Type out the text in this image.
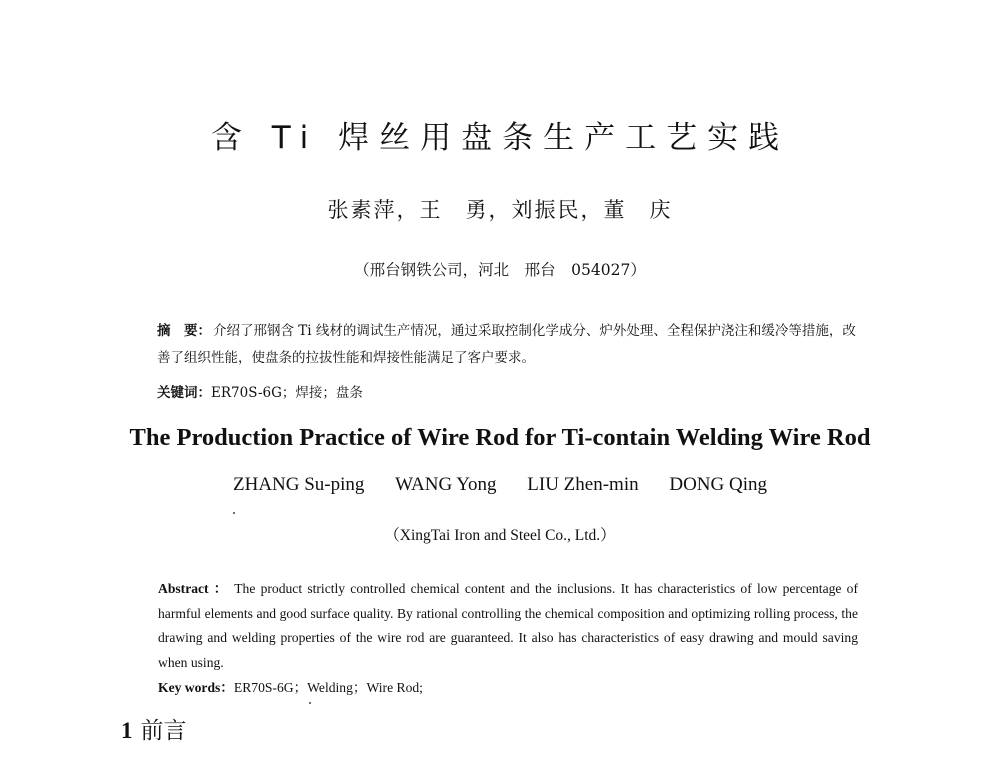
含 Ti 焊丝用盘条生产工艺实践
张素萍，王　勇，刘振民，董　庆
（邢台钢铁公司，河北　邢台　054027）
摘　要： 介绍了邢钢含 Ti 线材的调试生产情况，通过采取控制化学成分、炉外处理、全程保护浇注和缓冷等措施，改善了组织性能，使盘条的拉拔性能和焊接性能满足了客户要求。
关键词：ER70S-6G；焊接；盘条
The Production Practice of Wire Rod for Ti-contain Welding Wire Rod
ZHANG Su-ping WANG Yong LIU Zhen-min DONG Qing
（XingTai Iron and Steel Co., Ltd.）
Abstract ： The product strictly controlled chemical content and the inclusions. It has characteristics of low percentage of harmful elements and good surface quality. By rational controlling the chemical composition and optimizing rolling process, the drawing and welding properties of the wire rod are guaranteed. It also has characteristics of easy drawing and mould saving when using.
Key words：ER70S-6G；Welding；Wire Rod;
1 前言
